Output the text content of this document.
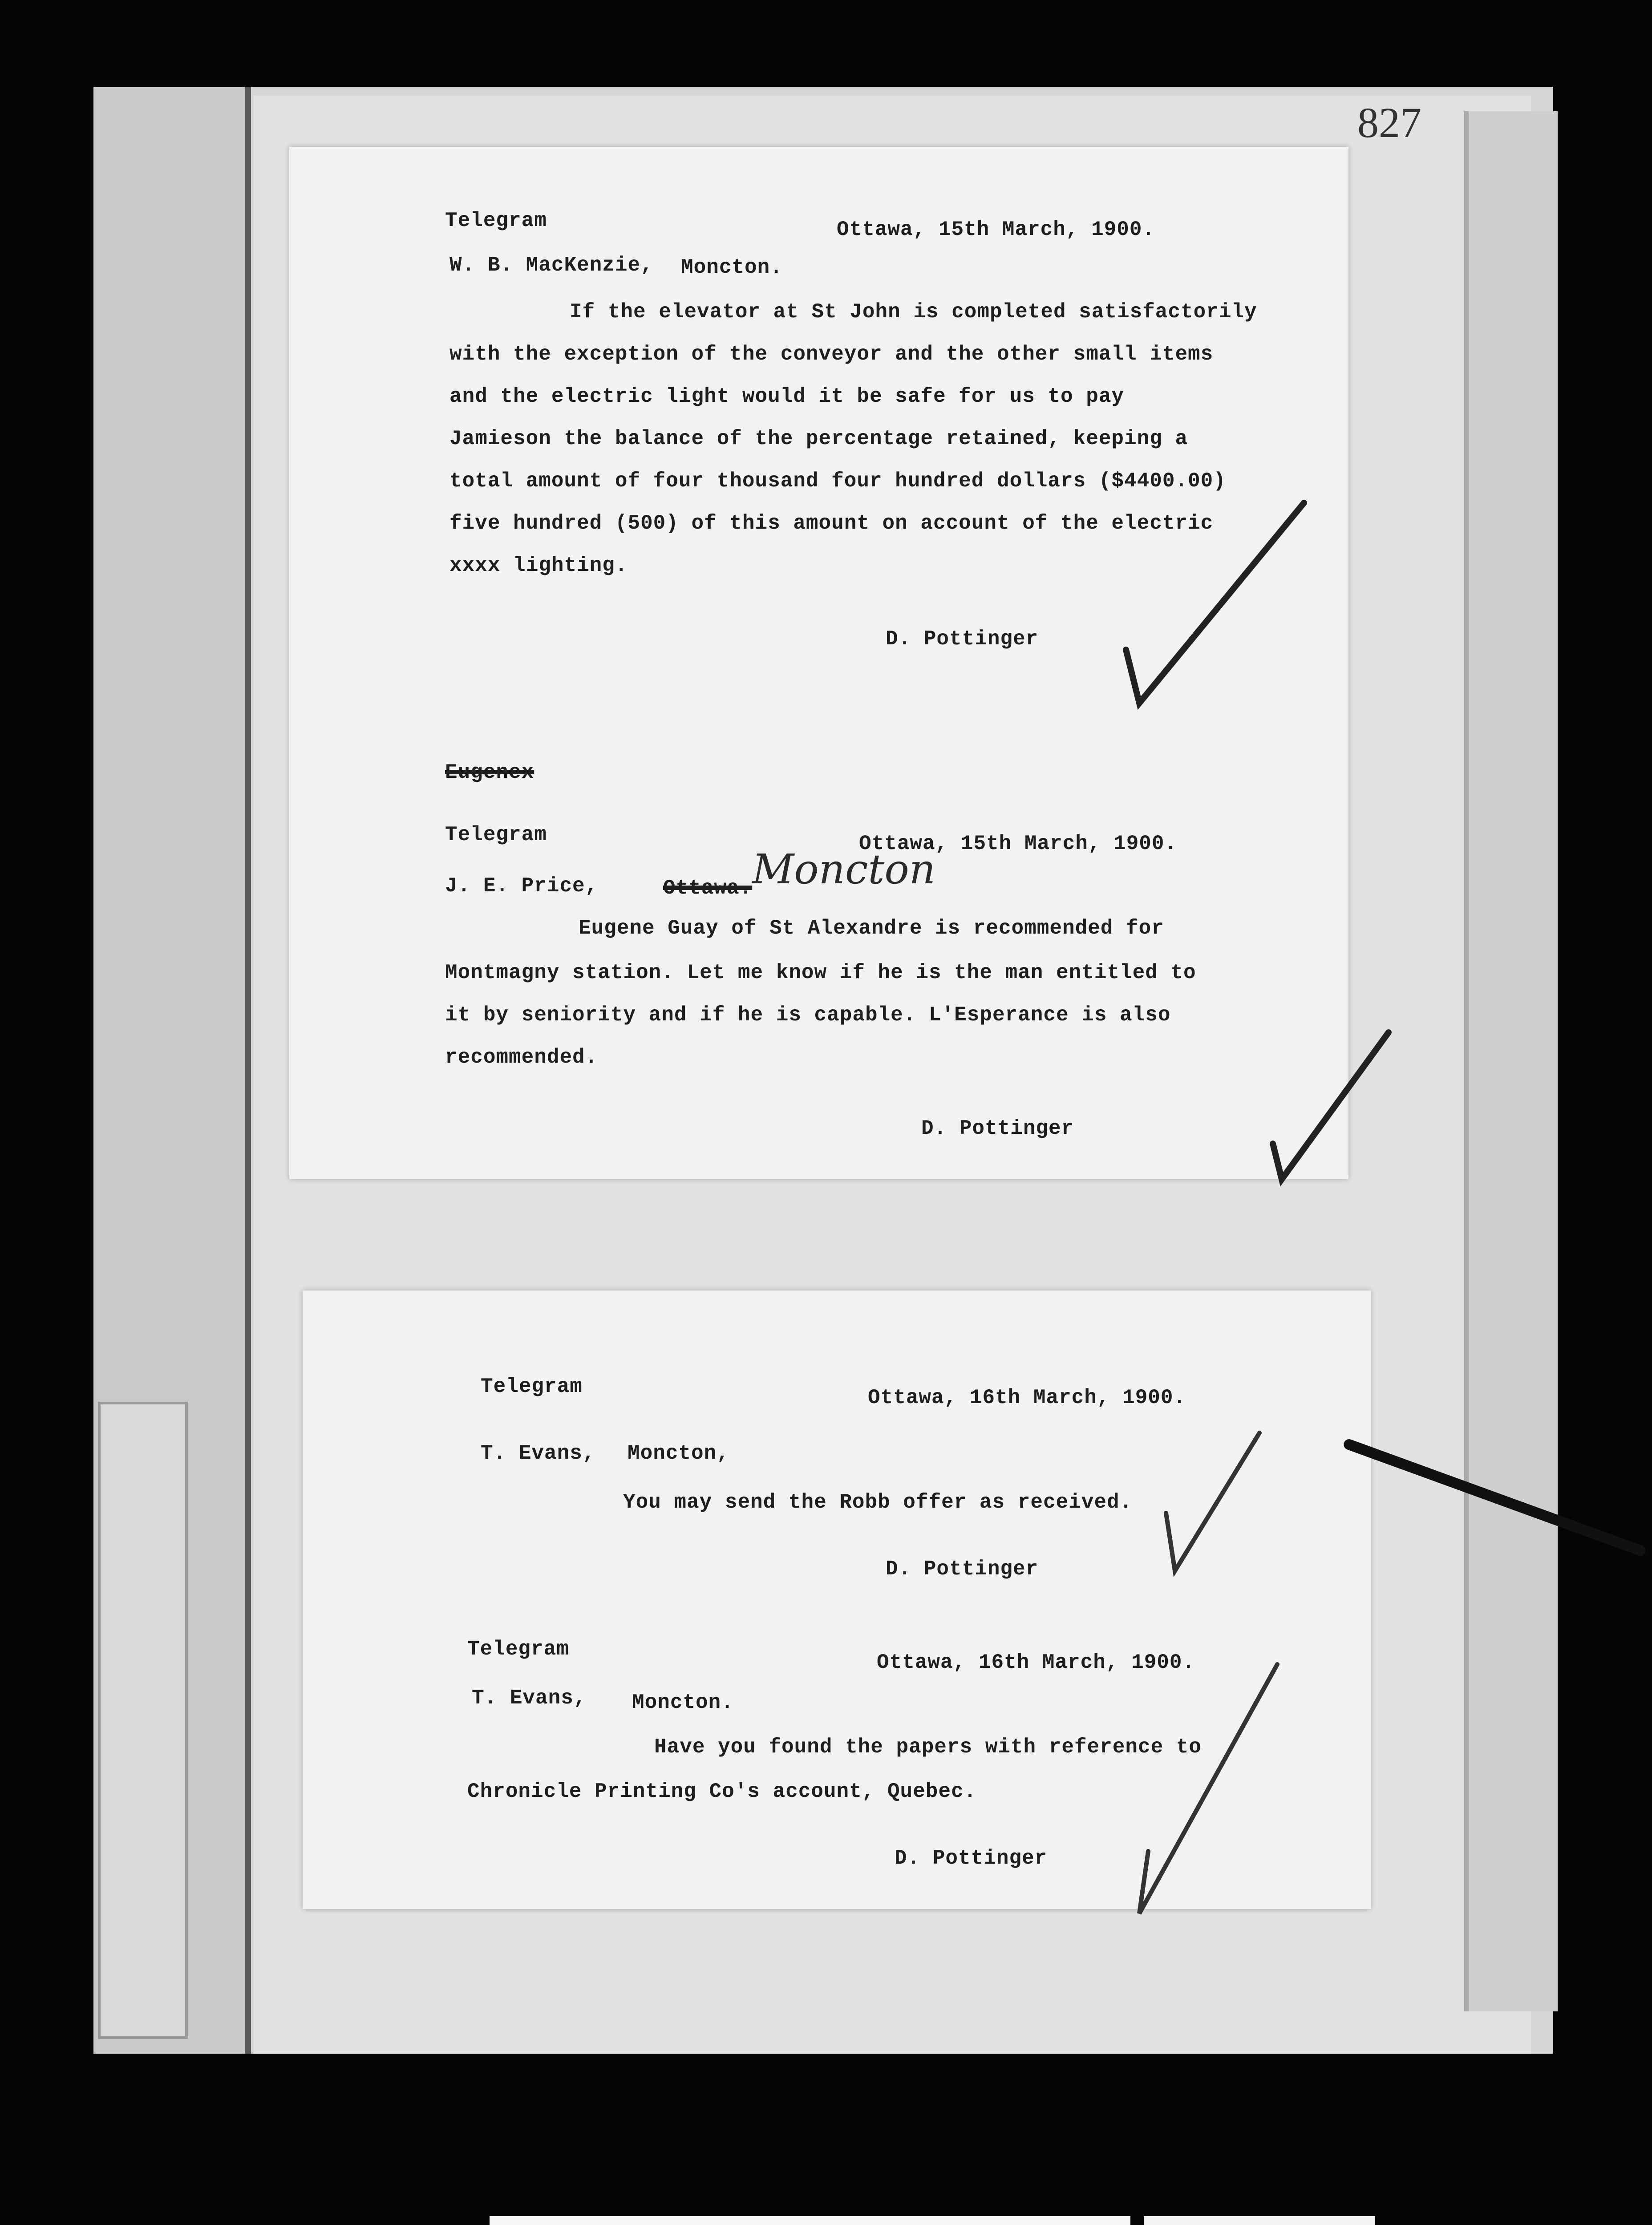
827
Telegram	Ottawa, 15th March, 1900.
W. B. MacKenzie, Moncton.
If the elevator at St John is completed satisfactorily
with the exception of the conveyor and the other small items
and the electric light would it be safe for us to pay
Jamieson the balance of the percentage retained, keeping a
total amount of four thousand four hundred dollars ($4400.00)
five hundred (500) of this amount on account of the electric
xxxx lighting.
D. Pottinger
Eugenex
Telegram	Ottawa, 15th March, 1900.
J. E. Price,	Ottawa. Moncton
Eugene Guay of St Alexandre is recommended for
Montmagny station. Let me know if he is the man entitled to
it by seniority and if he is capable. L'Esperance is also
recommended.
D. Pottinger
Telegram	Ottawa, 16th March, 1900.
T. Evans, Moncton,
You may send the Robb offer as received.
D. Pottinger
Telegram
Ottawa, 16th March, 1900.
T. Evans, Moncton.
Have you found the papers with reference to
Chronicle Printing Co's account, Quebec.
D. Pottinger
